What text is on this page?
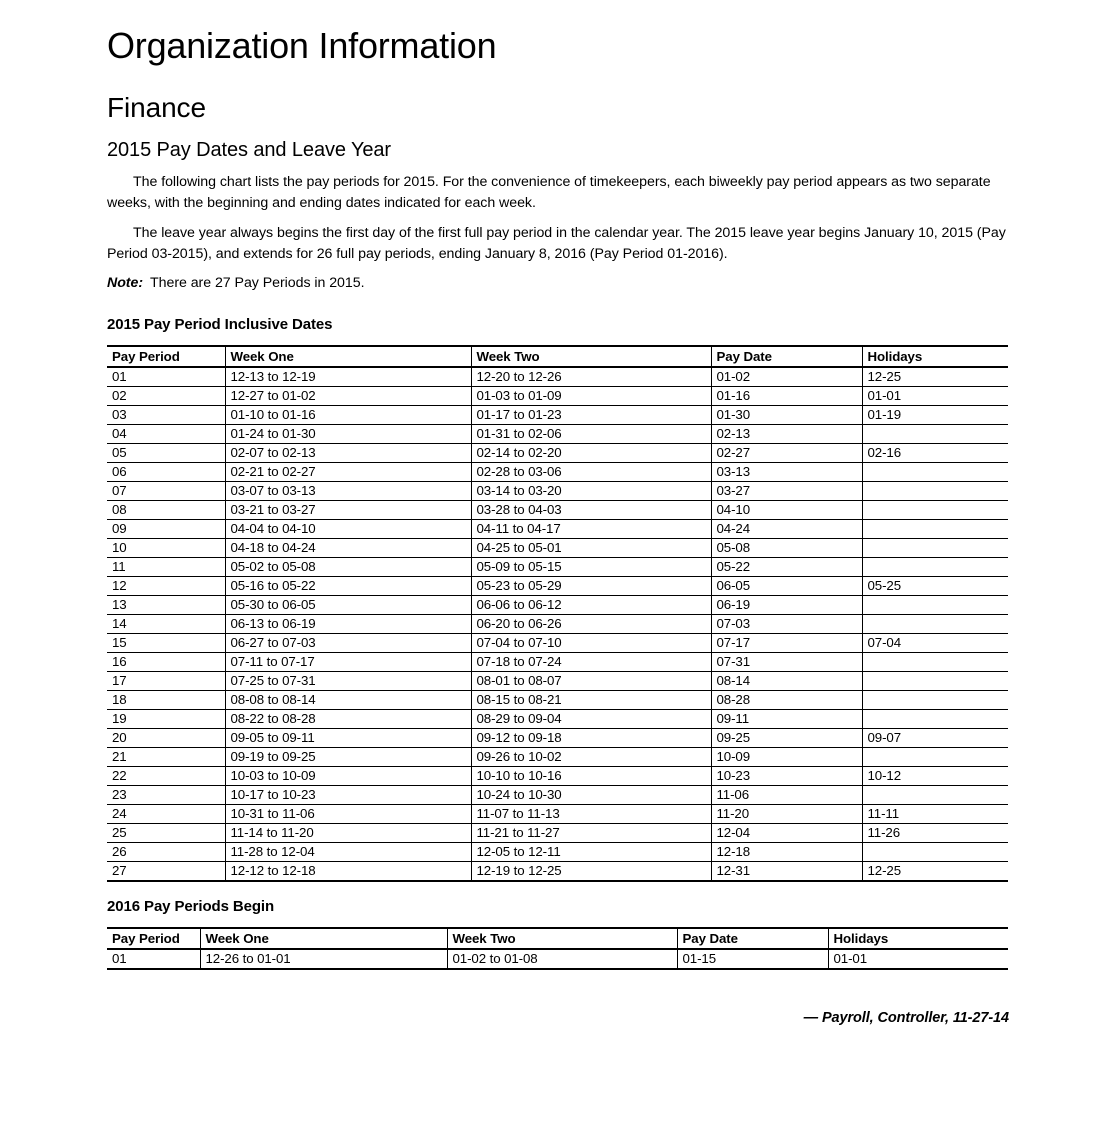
Organization Information
Finance
2015 Pay Dates and Leave Year

The following chart lists the pay periods for 2015. For the convenience of timekeepers, each biweekly pay period appears as two separate weeks, with the beginning and ending dates indicated for each week.

The leave year always begins the first day of the first full pay period in the calendar year. The 2015 leave year begins January 10, 2015 (Pay Period 03-2015), and extends for 26 full pay periods, ending January 8, 2016 (Pay Period 01-2016).

Note: There are 27 Pay Periods in 2015.

2015 Pay Period Inclusive Dates
Pay Period	Week One	Week Two	Pay Date	Holidays
01	12-13 to 12-19	12-20 to 12-26	01-02	12-25
02	12-27 to 01-02	01-03 to 01-09	01-16	01-01
03	01-10 to 01-16	01-17 to 01-23	01-30	01-19
04	01-24 to 01-30	01-31 to 02-06	02-13	
05	02-07 to 02-13	02-14 to 02-20	02-27	02-16
06	02-21 to 02-27	02-28 to 03-06	03-13	
07	03-07 to 03-13	03-14 to 03-20	03-27	
08	03-21 to 03-27	03-28 to 04-03	04-10	
09	04-04 to 04-10	04-11 to 04-17	04-24	
10	04-18 to 04-24	04-25 to 05-01	05-08	
11	05-02 to 05-08	05-09 to 05-15	05-22	
12	05-16 to 05-22	05-23 to 05-29	06-05	05-25
13	05-30 to 06-05	06-06 to 06-12	06-19	
14	06-13 to 06-19	06-20 to 06-26	07-03	
15	06-27 to 07-03	07-04 to 07-10	07-17	07-04
16	07-11 to 07-17	07-18 to 07-24	07-31	
17	07-25 to 07-31	08-01 to 08-07	08-14	
18	08-08 to 08-14	08-15 to 08-21	08-28	
19	08-22 to 08-28	08-29 to 09-04	09-11	
20	09-05 to 09-11	09-12 to 09-18	09-25	09-07
21	09-19 to 09-25	09-26 to 10-02	10-09	
22	10-03 to 10-09	10-10 to 10-16	10-23	10-12
23	10-17 to 10-23	10-24 to 10-30	11-06	
24	10-31 to 11-06	11-07 to 11-13	11-20	11-11
25	11-14 to 11-20	11-21 to 11-27	12-04	11-26
26	11-28 to 12-04	12-05 to 12-11	12-18	
27	12-12 to 12-18	12-19 to 12-25	12-31	12-25
2016 Pay Periods Begin
Pay Period	Week One	Week Two	Pay Date	Holidays
01	12-26 to 01-01	01-02 to 01-08	01-15	01-01
— Payroll, Controller, 11-27-14
